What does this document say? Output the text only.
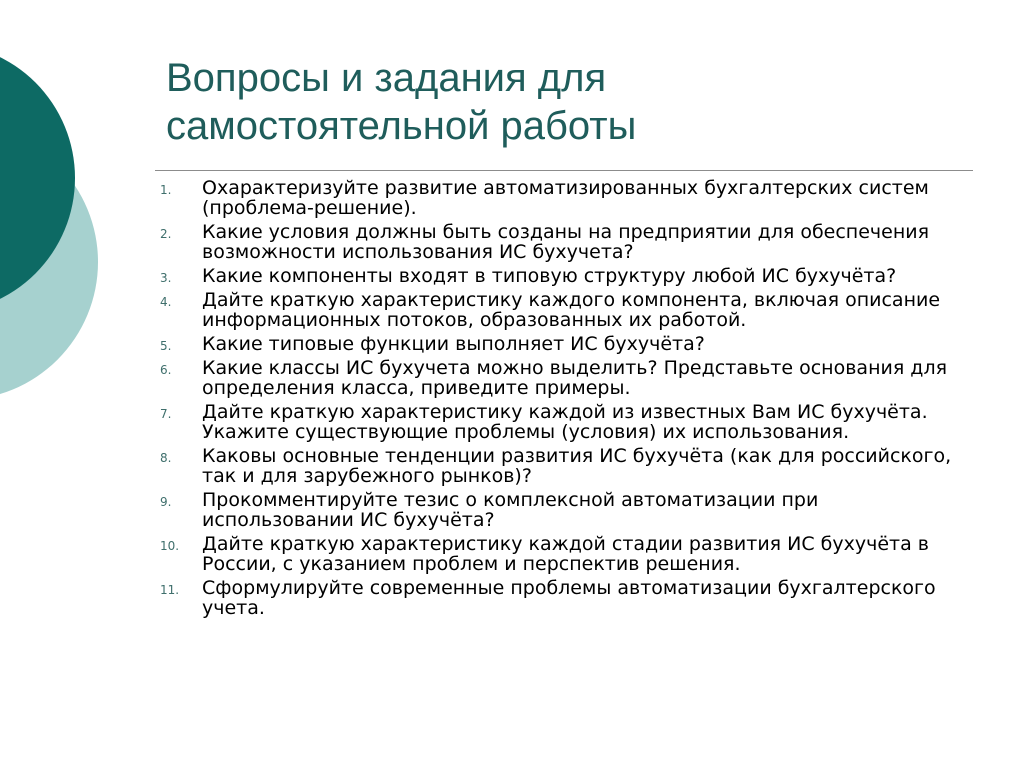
Вопросы и задания для
самостоятельной работы
1.	Охарактеризуйте развитие автоматизированных бухгалтерских систем (проблема-решение).
2.	Какие условия должны быть созданы на предприятии для обеспечения возможности использования ИС бухучета?
3.	Какие компоненты входят в типовую структуру любой ИС бухучёта?
4.	Дайте краткую характеристику каждого компонента, включая описание информационных потоков, образованных их работой.
5.	Какие типовые функции выполняет ИС бухучёта?
6.	Какие классы ИС бухучета можно выделить? Представьте основания для определения класса, приведите примеры.
7.	Дайте краткую характеристику каждой из известных Вам ИС бухучёта. Укажите существующие проблемы (условия) их использования.
8.	Каковы основные тенденции развития ИС бухучёта (как для российского, так и для зарубежного рынков)?
9.	Прокомментируйте тезис о комплексной автоматизации при использовании ИС бухучёта?
10.	Дайте краткую характеристику каждой стадии развития ИС бухучёта в России, с указанием проблем и перспектив решения.
11.	Сформулируйте современные проблемы автоматизации бухгалтерского учета.
